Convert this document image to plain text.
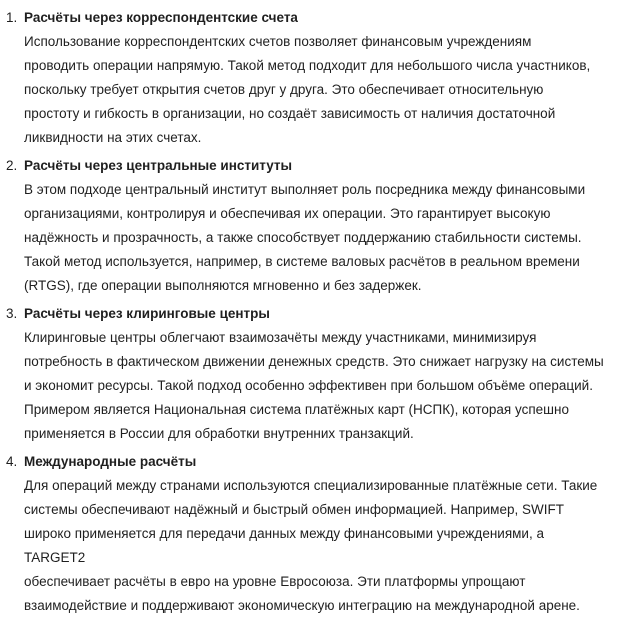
1. Расчёты через корреспондентские счета

Использование корреспондентских счетов позволяет финансовым учреждениям
проводить операции напрямую. Такой метод подходит для небольшого числа участников,
поскольку требует открытия счетов друг у друга. Это обеспечивает относительную
простоту и гибкость в организации, но создаёт зависимость от наличия достаточной
ликвидности на этих счетах.

2. Расчёты через центральные институты

В этом подходе центральный институт выполняет роль посредника между финансовыми
организациями, контролируя и обеспечивая их операции. Это гарантирует высокую
надёжность и прозрачность, а также способствует поддержанию стабильности системы.
Такой метод используется, например, в системе валовых расчётов в реальном времени
(RTGS), где операции выполняются мгновенно и без задержек.

3. Расчёты через клиринговые центры

Клиринговые центры облегчают взаимозачёты между участниками, минимизируя
потребность в фактическом движении денежных средств. Это снижает нагрузку на системы
и экономит ресурсы. Такой подход особенно эффективен при большом объёме операций.
Примером является Национальная система платёжных карт (НСПК), которая успешно
применяется в России для обработки внутренних транзакций.

4. Международные расчёты

Для операций между странами используются специализированные платёжные сети. Такие
системы обеспечивают надёжный и быстрый обмен информацией. Например, SWIFT
широко применяется для передачи данных между финансовыми учреждениями, а TARGET2
обеспечивает расчёты в евро на уровне Евросоюза. Эти платформы упрощают
взаимодействие и поддерживают экономическую интеграцию на международной арене.
